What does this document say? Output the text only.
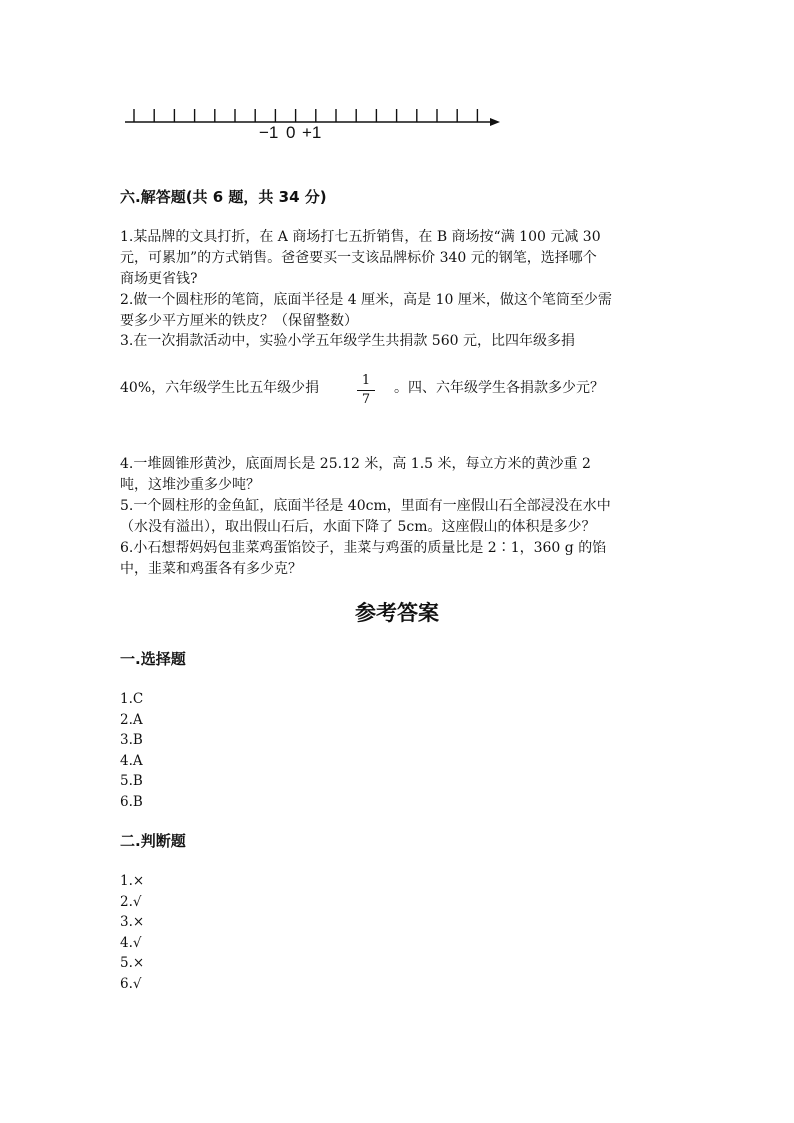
−1 0 +1
六.解答题(共 6 题，共 34 分)
1.某品牌的文具打折，在 A 商场打七五折销售，在 B 商场按“满 100 元减 30
元，可累加”的方式销售。爸爸要买一支该品牌标价 340 元的钢笔，选择哪个
商场更省钱?
2.做一个圆柱形的笔筒，底面半径是 4 厘米，高是 10 厘米，做这个笔筒至少需
要多少平方厘米的铁皮？（保留整数）
3.在一次捐款活动中，实验小学五年级学生共捐款 560 元，比四年级多捐
40%，六年级学生比五年级少捐	1
7
。四、六年级学生各捐款多少元？
4.一堆圆锥形黄沙，底面周长是 25.12 米，高 1.5 米，每立方米的黄沙重 2
吨，这堆沙重多少吨？
5.一个圆柱形的金鱼缸，底面半径是 40cm，里面有一座假山石全部浸没在水中
（水没有溢出），取出假山石后，水面下降了 5cm。这座假山的体积是多少？
6.小石想帮妈妈包韭菜鸡蛋馅饺子，韭菜与鸡蛋的质量比是 2∶1，360 g 的馅
中，韭菜和鸡蛋各有多少克？
参考答案
一.选择题
1.C
2.A
3.B
4.A
5.B
6.B
二.判断题
1.×
2.√
3.×
4.√
5.×
6.√
